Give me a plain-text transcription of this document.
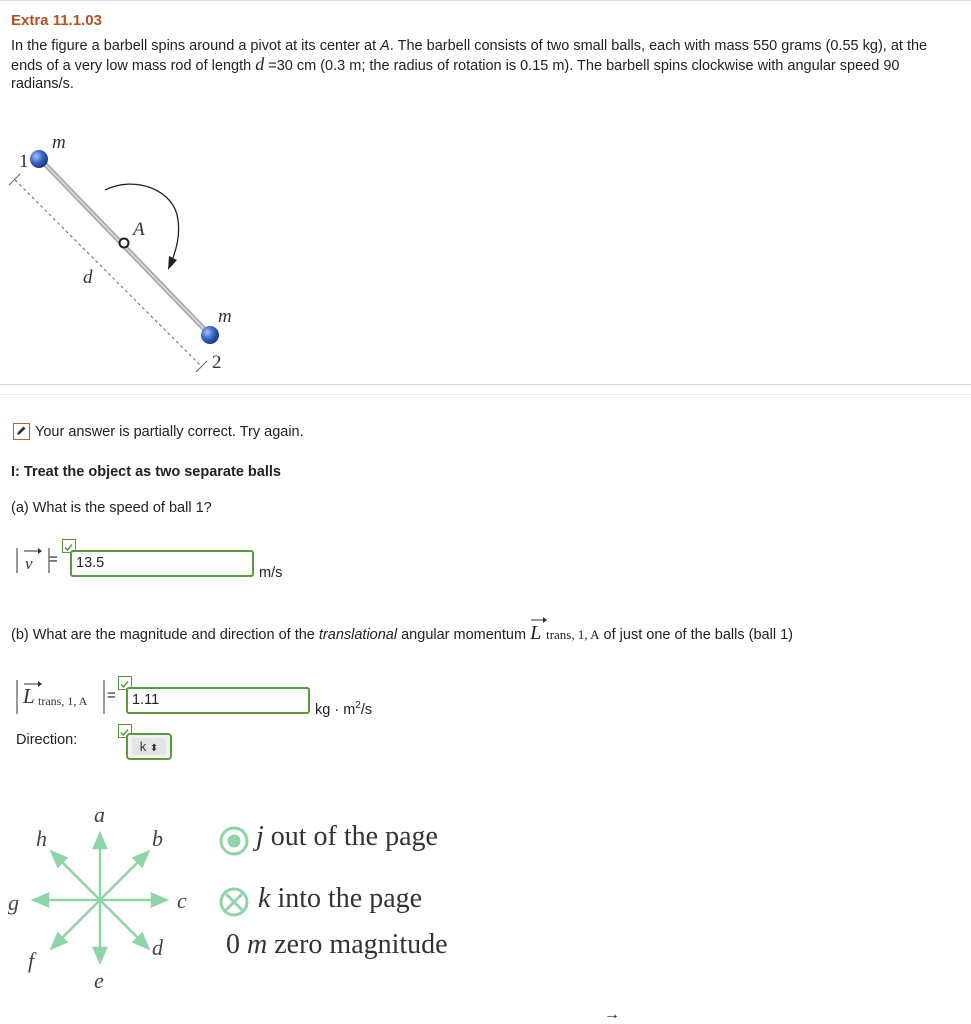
Extra 11.1.03
In the figure a barbell spins around a pivot at its center at A. The barbell consists of two small balls, each with mass 550 grams (0.55 kg), at the ends of a very low mass rod of length d =30 cm (0.3 m; the radius of rotation is 0.15 m). The barbell spins clockwise with angular speed 90 radians/s.
m
1
A
d
m
2
Your answer is partially correct. Try again.
I: Treat the object as two separate balls
(a) What is the speed of ball 1?
v = 13.5
m/s
(b) What are the magnitude and direction of the translational angular momentum L trans, 1, A of just one of the balls (ball 1)
L trans, 1, A = 1.11
kg · $m^2/s$
Direction:	k ⬍
a
b
c
d
e
f
g
h	j out of the page
k into the page
0 m zero magnitude
→
